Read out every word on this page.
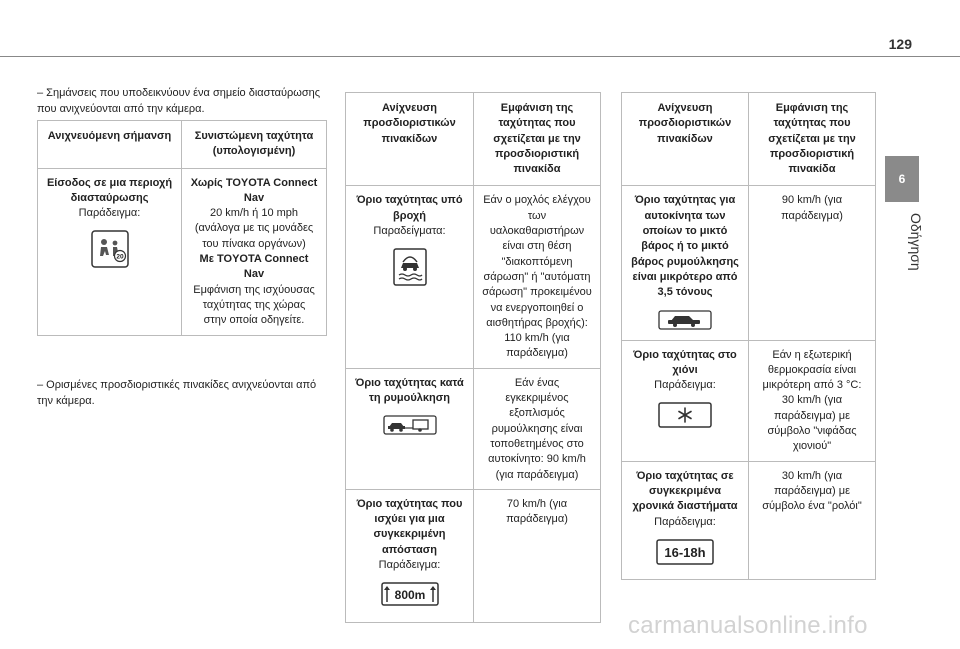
129
6
Οδήγηση
– Σημάνσεις που υποδεικνύουν ένα σημείο διασταύρωσης που ανιχνεύονται από την κάμερα.
Ανιχνευόμενη σήμανση	Συνιστώμενη ταχύτητα (υπολογισμένη)

Είσοδος σε μια περιοχή διασταύρωσης
Παράδειγμα:
20	Χωρίς TOYOTA Connect Nav
20 km/h ή 10 mph (ανάλογα με τις μονάδες του πίνακα οργάνων)
Με TOYOTA Connect Nav
Εμφάνιση της ισχύουσας ταχύτητας της χώρας στην οποία οδηγείτε.
– Ορισμένες προσδιοριστικές πινακίδες ανιχνεύονται από την κάμερα.
Ανίχνευση προσδιοριστικών πινακίδων	Εμφάνιση της ταχύτητας που σχετίζεται με την προσδιοριστική πινακίδα

Όριο ταχύτητας υπό βροχή
Παραδείγματα:	Εάν ο μοχλός ελέγχου των υαλοκαθαριστήρων είναι στη θέση "διακοπτόμενη σάρωση" ή "αυτόματη σάρωση" προκειμένου να ενεργοποιηθεί ο αισθητήρας βροχής): 110 km/h (για παράδειγμα)

Όριο ταχύτητας κατά τη ρυμούλκηση	Εάν ένας εγκεκριμένος εξοπλισμός ρυμούλκησης είναι τοποθετημένος στο αυτοκίνητο: 90 km/h (για παράδειγμα)

Όριο ταχύτητας που ισχύει για μια συγκεκριμένη απόσταση
Παράδειγμα:
800m	70 km/h (για παράδειγμα)
Ανίχνευση προσδιοριστικών πινακίδων	Εμφάνιση της ταχύτητας που σχετίζεται με την προσδιοριστική πινακίδα

Όριο ταχύτητας για αυτοκίνητα των οποίων το μικτό βάρος ή το μικτό βάρος ρυμούλκησης είναι μικρότερο από 3,5 τόνους	90 km/h (για παράδειγμα)

Όριο ταχύτητας στο χιόνι
Παράδειγμα:	Εάν η εξωτερική θερμοκρασία είναι μικρότερη από 3 °C: 30 km/h (για παράδειγμα) με σύμβολο "νιφάδας χιονιού"

Όριο ταχύτητας σε συγκεκριμένα χρονικά διαστήματα
Παράδειγμα:
16-18h	30 km/h (για παράδειγμα) με σύμβολο ένα "ρολόι"
carmanualsonline.info
